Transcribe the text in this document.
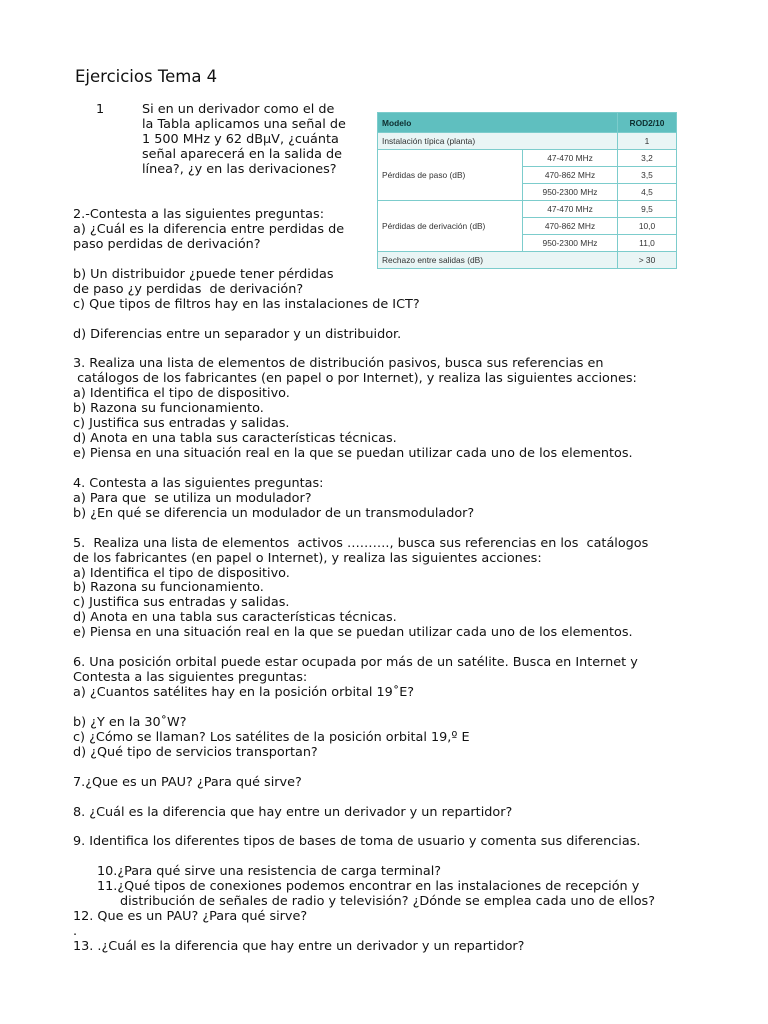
Ejercicios Tema 4
1	Si en un derivador como el de
la Tabla aplicamos una señal de
1 500 MHz y 62 dBμV, ¿cuánta
señal aparecerá en la salida de
línea?, ¿y en las derivaciones?
Modelo		ROD2/10
Instalación típica (planta)		1
Pérdidas de paso (dB)	47-470 MHz	3,2
	470-862 MHz	3,5
	950-2300 MHz	4,5
Pérdidas de derivación (dB)	47-470 MHz	9,5
	470-862 MHz	10,0
	950-2300 MHz	11,0
Rechazo entre salidas (dB)		> 30
2.-Contesta a las siguientes preguntas:
a) ¿Cuál es la diferencia entre perdidas de
paso perdidas de derivación?
b) Un distribuidor ¿puede tener pérdidas
de paso ¿y perdidas  de derivación?
c) Que tipos de filtros hay en las instalaciones de ICT?
d) Diferencias entre un separador y un distribuidor.
3. Realiza una lista de elementos de distribución pasivos, busca sus referencias en
catálogos de los fabricantes (en papel o por Internet), y realiza las siguientes acciones:
a) Identifica el tipo de dispositivo.
b) Razona su funcionamiento.
c) Justifica sus entradas y salidas.
d) Anota en una tabla sus características técnicas.
e) Piensa en una situación real en la que se puedan utilizar cada uno de los elementos.
4. Contesta a las siguientes preguntas:
a) Para que  se utiliza un modulador?
b) ¿En qué se diferencia un modulador de un transmodulador?
5.  Realiza una lista de elementos  activos ………., busca sus referencias en los  catálogos
de los fabricantes (en papel o Internet), y realiza las siguientes acciones:
a) Identifica el tipo de dispositivo.
b) Razona su funcionamiento.
c) Justifica sus entradas y salidas.
d) Anota en una tabla sus características técnicas.
e) Piensa en una situación real en la que se puedan utilizar cada uno de los elementos.
6. Una posición orbital puede estar ocupada por más de un satélite. Busca en Internet y
Contesta a las siguientes preguntas:
a) ¿Cuantos satélites hay en la posición orbital 19˚E?
b) ¿Y en la 30˚W?
c) ¿Cómo se llaman? Los satélites de la posición orbital 19,º E
d) ¿Qué tipo de servicios transportan?
7.¿Que es un PAU? ¿Para qué sirve?
8. ¿Cuál es la diferencia que hay entre un derivador y un repartidor?
9. Identifica los diferentes tipos de bases de toma de usuario y comenta sus diferencias.
10.¿Para qué sirve una resistencia de carga terminal?
11.¿Qué tipos de conexiones podemos encontrar en las instalaciones de recepción y
distribución de señales de radio y televisión? ¿Dónde se emplea cada uno de ellos?
12. Que es un PAU? ¿Para qué sirve?
.
13. .¿Cuál es la diferencia que hay entre un derivador y un repartidor?
